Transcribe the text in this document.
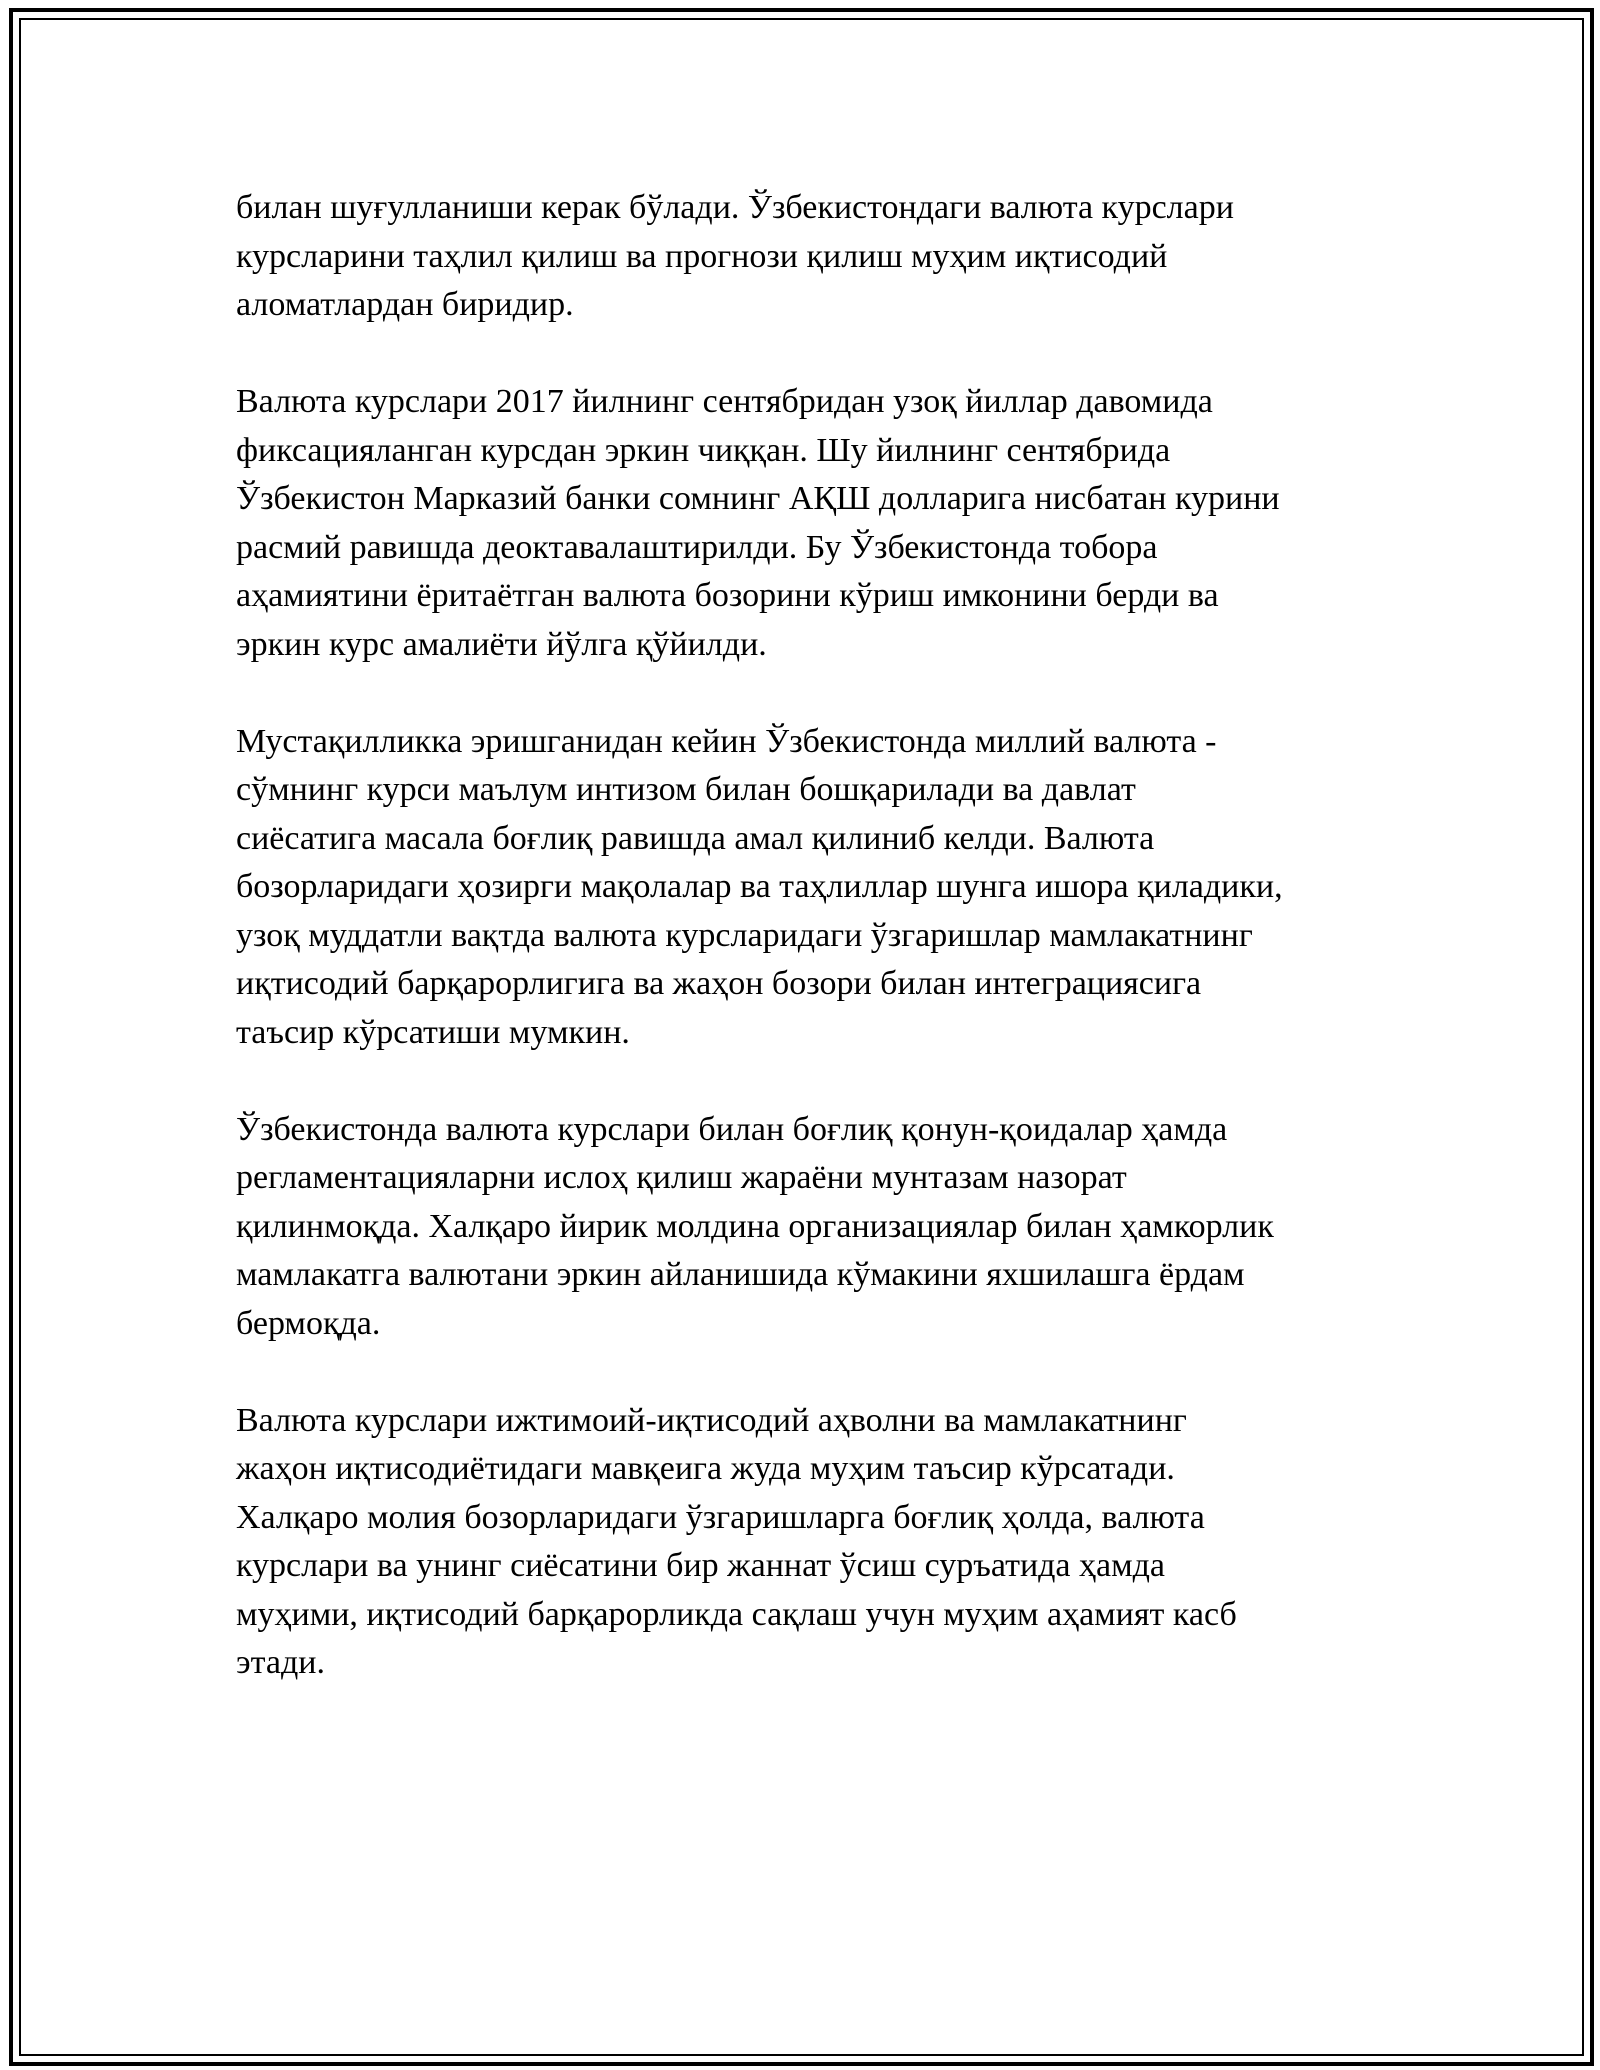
билан шуғулланиши керак бўлади. Ўзбекистондаги валюта курслари
курсларини таҳлил қилиш ва прогнози қилиш муҳим иқтисодий
аломатлардан биридир.

Валюта курслари 2017 йилнинг сентябридан узоқ йиллар давомида
фиксацияланган курсдан эркин чиққан. Шу йилнинг сентябрида
Ўзбекистон Марказий банки сомнинг АҚШ долларига нисбатан курини
расмий равишда деоктавалаштирилди. Бу Ўзбекистонда тобора
аҳамиятини ёритаётган валюта бозорини кўриш имконини берди ва
эркин курс амалиёти йўлга қўйилди.

Мустақилликка эришганидан кейин Ўзбекистонда миллий валюта -
сўмнинг курси маълум интизом билан бошқарилади ва давлат
сиёсатига масала боғлиқ равишда амал қилиниб келди. Валюта
бозорларидаги ҳозирги мақолалар ва таҳлиллар шунга ишора қиладики,
узоқ муддатли вақтда валюта курсларидаги ўзгаришлар мамлакатнинг
иқтисодий барқарорлигига ва жаҳон бозори билан интеграциясига
таъсир кўрсатиши мумкин.

Ўзбекистонда валюта курслари билан боғлиқ қонун-қоидалар ҳамда
регламентацияларни ислоҳ қилиш жараёни мунтазам назорат
қилинмоқда. Халқаро йирик молдина организациялар билан ҳамкорлик
мамлакатга валютани эркин айланишида кўмакини яхшилашга ёрдам
бермоқда.

Валюта курслари ижтимоий-иқтисодий аҳволни ва мамлакатнинг
жаҳон иқтисодиётидаги мавқеига жуда муҳим таъсир кўрсатади.
Халқаро молия бозорларидаги ўзгаришларга боғлиқ ҳолда, валюта
курслари ва унинг сиёсатини бир жаннат ўсиш суръатида ҳамда
муҳими, иқтисодий барқарорликда сақлаш учун муҳим аҳамият касб
этади.
